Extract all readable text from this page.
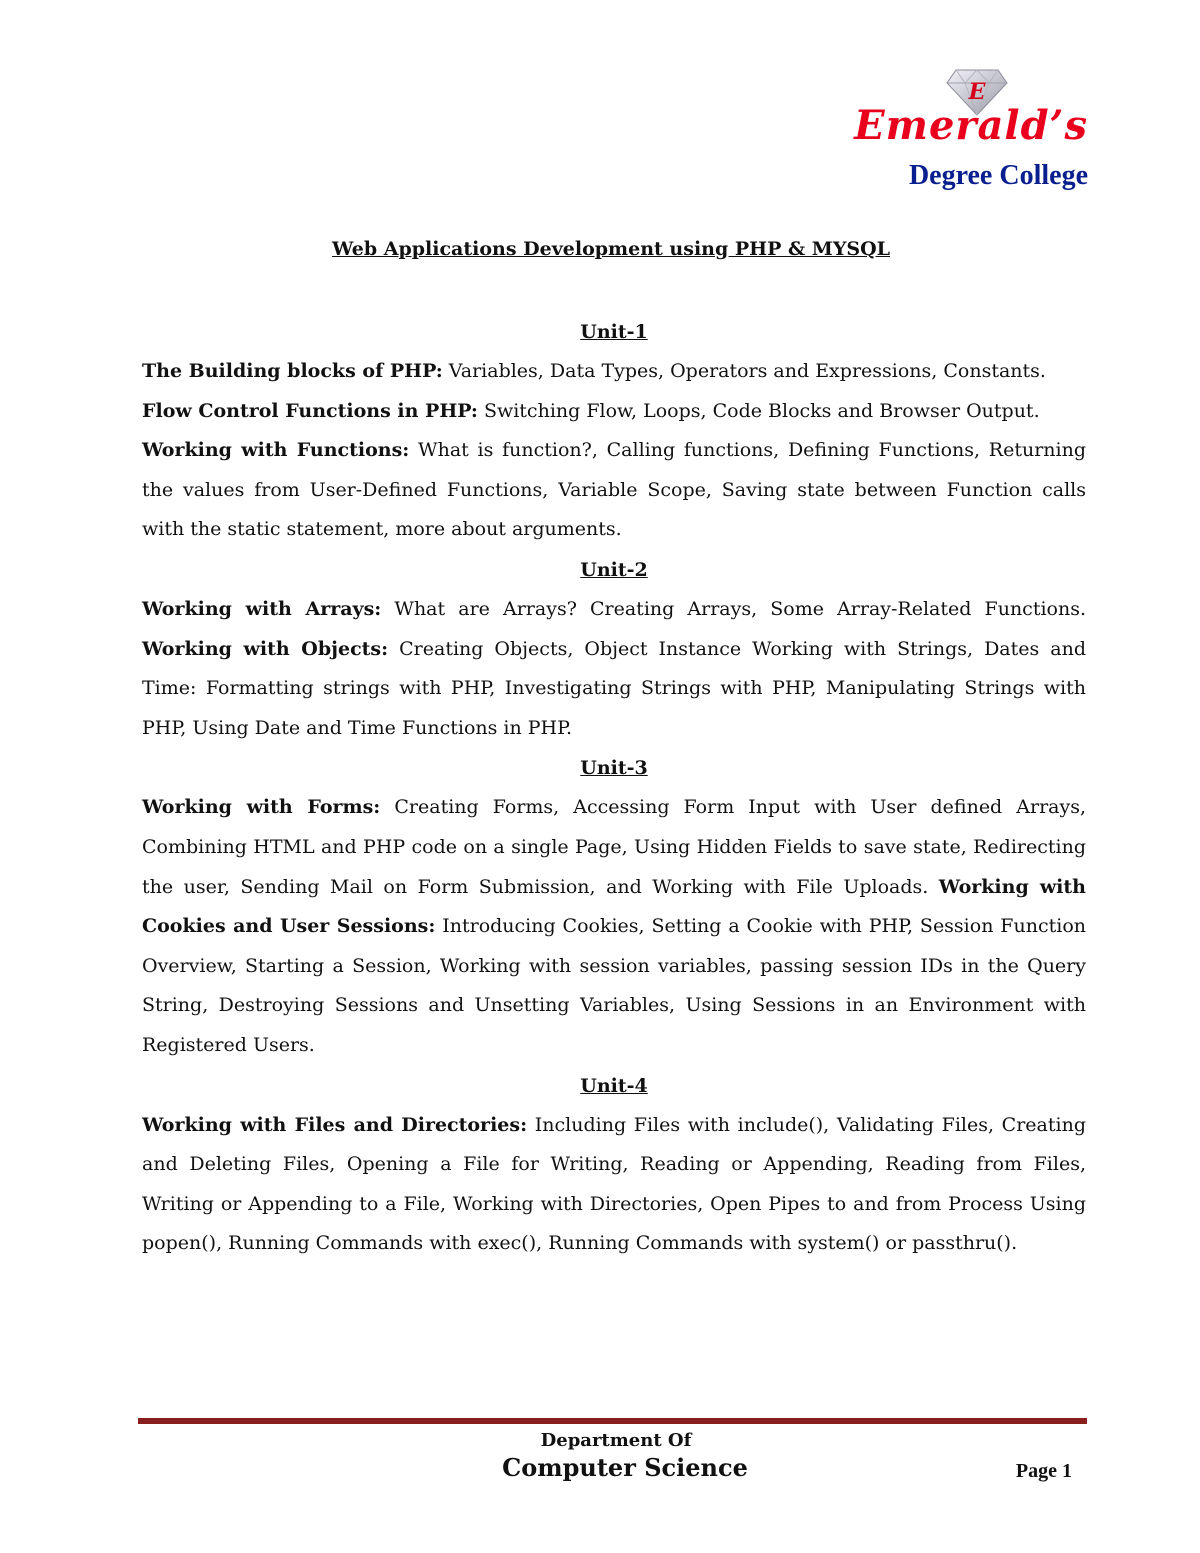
E
Emerald’s
Degree College
Web Applications Development using PHP & MYSQL
Unit-1

The Building blocks of PHP: Variables, Data Types, Operators and Expressions, Constants.

Flow Control Functions in PHP: Switching Flow, Loops, Code Blocks and Browser Output.

Working with Functions: What is function?, Calling functions, Defining Functions, Returning the values from User-Defined Functions, Variable Scope, Saving state between Function calls with the static statement, more about arguments.

Unit-2

Working with Arrays: What are Arrays? Creating Arrays, Some Array-Related Functions. Working with Objects: Creating Objects, Object Instance Working with Strings, Dates and Time: Formatting strings with PHP, Investigating Strings with PHP, Manipulating Strings with PHP, Using Date and Time Functions in PHP.

Unit-3

Working with Forms: Creating Forms, Accessing Form Input with User defined Arrays, Combining HTML and PHP code on a single Page, Using Hidden Fields to save state, Redirecting the user, Sending Mail on Form Submission, and Working with File Uploads. Working with Cookies and User Sessions: Introducing Cookies, Setting a Cookie with PHP, Session Function Overview, Starting a Session, Working with session variables, passing session IDs in the Query String, Destroying Sessions and Unsetting Variables, Using Sessions in an Environment with Registered Users.

Unit-4

Working with Files and Directories: Including Files with include(), Validating Files, Creating and Deleting Files, Opening a File for Writing, Reading or Appending, Reading from Files, Writing or Appending to a File, Working with Directories, Open Pipes to and from Process Using popen(), Running Commands with exec(), Running Commands with system() or passthru().

Department Of
Computer Science	Page 1
